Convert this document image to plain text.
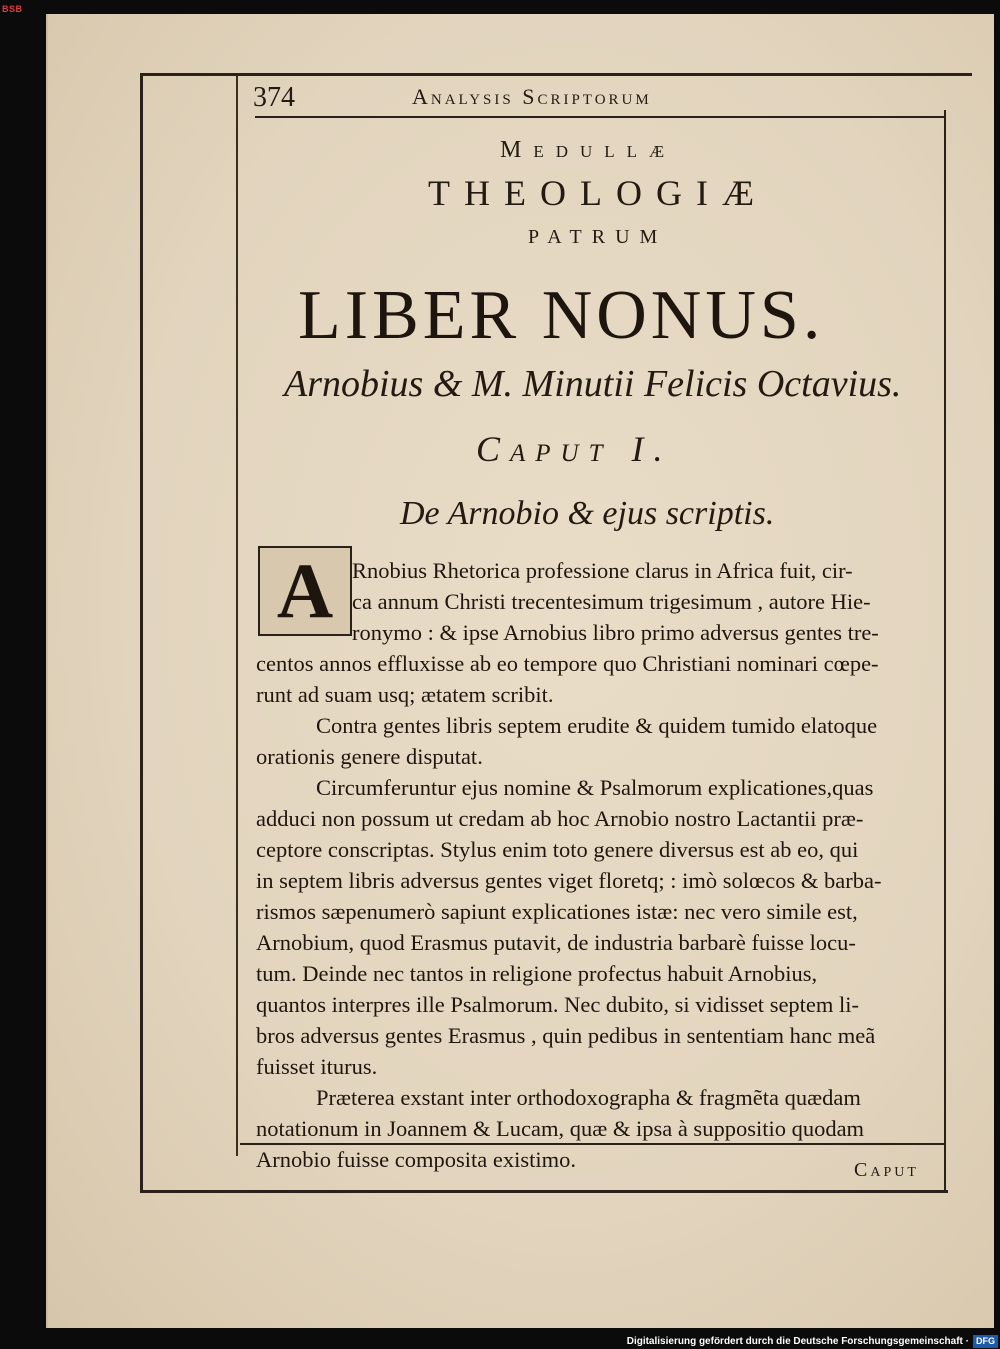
BSB
374	Analysis Scriptorum
Medullæ
THEOLOGIÆ
PATRUM
LIBER NONUS.
Arnobius & M. Minutii Felicis Octavius.
Caput I.
De Arnobio & ejus scriptis.
A Rnobius Rhetorica professione clarus in Africa fuit, cir-
ca annum Christi trecentesimum trigesimum , autore Hie-
ronymo : & ipse Arnobius libro primo adversus gentes tre-
centos annos effluxisse ab eo tempore quo Christiani nominari cœpe-
runt ad suam usq; ætatem scribit.
Contra gentes libris septem erudite & quidem tumido elatoque
orationis genere disputat.
Circumferuntur ejus nomine & Psalmorum explicationes,quas
adduci non possum ut credam ab hoc Arnobio nostro Lactantii præ-
ceptore conscriptas. Stylus enim toto genere diversus est ab eo, qui
in septem libris adversus gentes viget floretq; : imò solœcos & barba-
rismos sæpenumerò sapiunt explicationes istæ: nec vero simile est,
Arnobium, quod Erasmus putavit, de industria barbarè fuisse locu-
tum. Deinde nec tantos in religione profectus habuit Arnobius,
quantos interpres ille Psalmorum. Nec dubito, si vidisset septem li-
bros adversus gentes Erasmus , quin pedibus in sententiam hanc meã
fuisset iturus.
Præterea exstant inter orthodoxographa & fragmẽta quædam
notationum in Joannem & Lucam, quæ & ipsa à suppositio quodam
Arnobio fuisse composita existimo.	Caput
Digitalisierung gefördert durch die Deutsche Forschungsgemeinschaft · DFG
